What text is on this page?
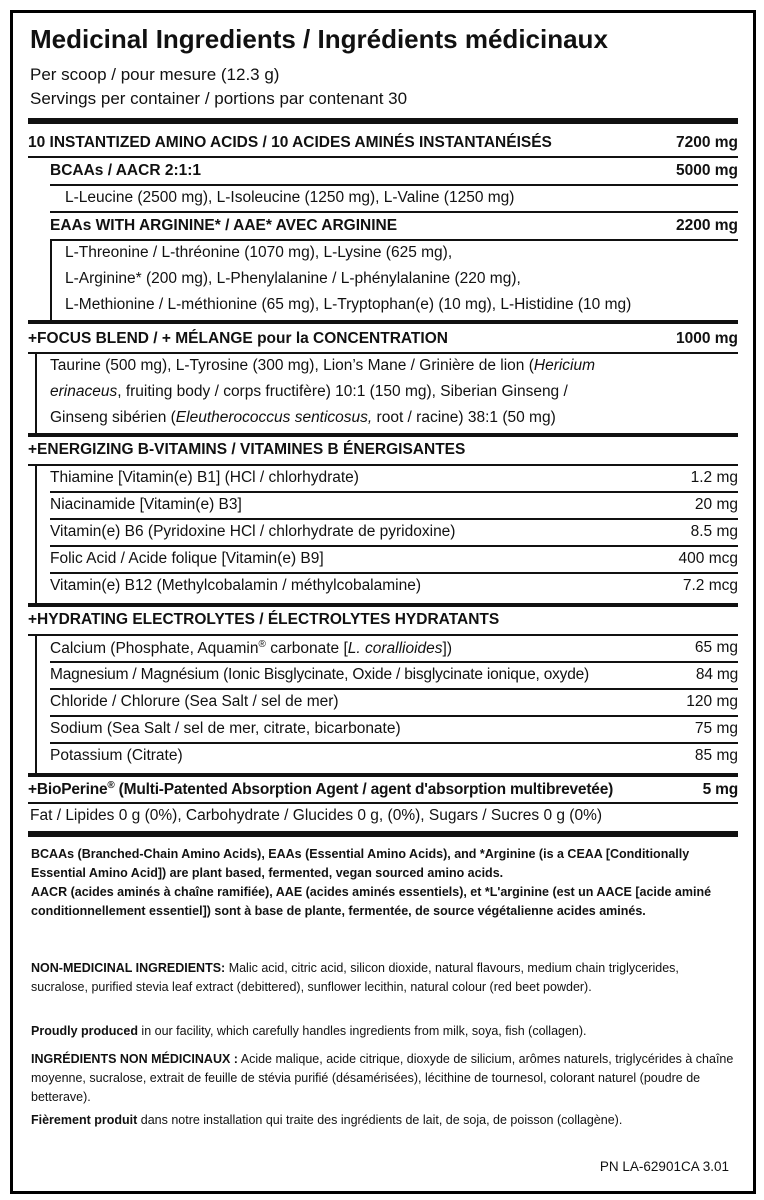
Medicinal Ingredients / Ingrédients médicinaux
Per scoop / pour mesure (12.3 g)
Servings per container / portions par contenant 30
10 INSTANTIZED AMINO ACIDS / 10 ACIDES AMINÉS INSTANTANÉISÉS	7200 mg
BCAAs / AACR 2:1:1	5000 mg
L-Leucine (2500 mg), L-Isoleucine (1250 mg), L-Valine (1250 mg)
EAAs WITH ARGININE* / AAE* AVEC ARGININE	2200 mg
L-Threonine / L-thréonine (1070 mg), L-Lysine (625 mg),
L-Arginine* (200 mg), L-Phenylalanine / L-phénylalanine (220 mg),
L-Methionine / L-méthionine (65 mg), L-Tryptophan(e) (10 mg), L-Histidine (10 mg)
+FOCUS BLEND / + MÉLANGE pour la CONCENTRATION	1000 mg
Taurine (500 mg), L-Tyrosine (300 mg), Lion’s Mane / Grinière de lion (Hericium
erinaceus, fruiting body / corps fructifère) 10:1 (150 mg), Siberian Ginseng /
Ginseng sibérien (Eleutherococcus senticosus, root / racine) 38:1 (50 mg)
+ENERGIZING B-VITAMINS / VITAMINES B ÉNERGISANTES
Thiamine [Vitamin(e) B1] (HCl / chlorhydrate)	1.2 mg
Niacinamide [Vitamin(e) B3]	20 mg
Vitamin(e) B6 (Pyridoxine HCl / chlorhydrate de pyridoxine)	8.5 mg
Folic Acid / Acide folique [Vitamin(e) B9]	400 mcg
Vitamin(e) B12 (Methylcobalamin / méthylcobalamine)	7.2 mcg
+HYDRATING ELECTROLYTES / ÉLECTROLYTES HYDRATANTS
Calcium (Phosphate, Aquamin® carbonate [L. corallioides])	65 mg
Magnesium / Magnésium (Ionic Bisglycinate, Oxide / bisglycinate ionique, oxyde)	84 mg
Chloride / Chlorure (Sea Salt / sel de mer)	120 mg
Sodium (Sea Salt / sel de mer, citrate, bicarbonate)	75 mg
Potassium (Citrate)	85 mg
+BioPerine® (Multi-Patented Absorption Agent / agent d'absorption multibrevetée)	5 mg
Fat / Lipides 0 g (0%), Carbohydrate / Glucides 0 g, (0%), Sugars / Sucres 0 g (0%)
BCAAs (Branched-Chain Amino Acids), EAAs (Essential Amino Acids), and *Arginine (is a CEAA [Conditionally Essential Amino Acid]) are plant based, fermented, vegan sourced amino acids.
AACR (acides aminés à chaîne ramifiée), AAE (acides aminés essentiels), et *L'arginine (est un AACE [acide aminé conditionnellement essentiel]) sont à base de plante, fermentée, de source végétalienne acides aminés.
NON-MEDICINAL INGREDIENTS: Malic acid, citric acid, silicon dioxide, natural flavours, medium chain triglycerides, sucralose, purified stevia leaf extract (debittered), sunflower lecithin, natural colour (red beet powder).
Proudly produced in our facility, which carefully handles ingredients from milk, soya, fish (collagen).
INGRÉDIENTS NON MÉDICINAUX : Acide malique, acide citrique, dioxyde de silicium, arômes naturels, triglycérides à chaîne moyenne, sucralose, extrait de feuille de stévia purifié (désamérisées), lécithine de tournesol, colorant naturel (poudre de betterave).
Fièrement produit dans notre installation qui traite des ingrédients de lait, de soja, de poisson (collagène).
PN LA-62901CA 3.01
